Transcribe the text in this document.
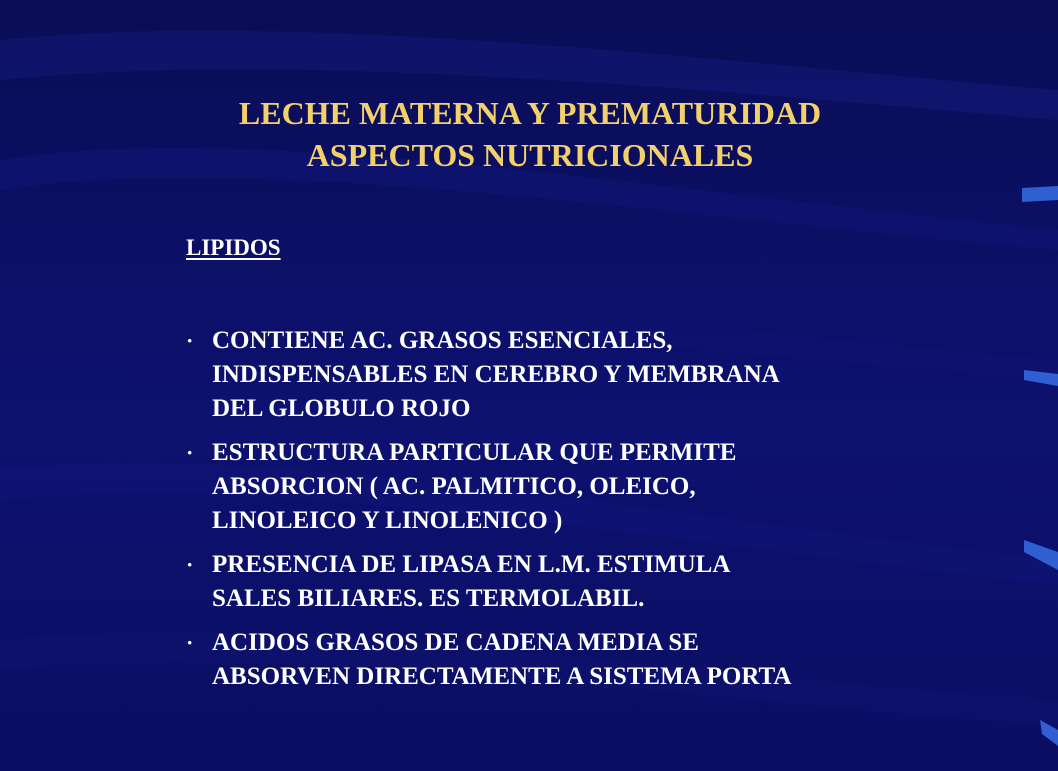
LECHE MATERNA Y PREMATURIDAD
ASPECTOS NUTRICIONALES
LIPIDOS
· CONTIENE AC. GRASOS ESENCIALES,
INDISPENSABLES EN CEREBRO Y MEMBRANA
DEL GLOBULO ROJO
· ESTRUCTURA PARTICULAR QUE PERMITE
ABSORCION ( AC. PALMITICO, OLEICO,
LINOLEICO Y LINOLENICO )
· PRESENCIA DE LIPASA EN L.M. ESTIMULA
SALES BILIARES. ES TERMOLABIL.
· ACIDOS GRASOS DE CADENA MEDIA SE
ABSORVEN DIRECTAMENTE A SISTEMA PORTA
